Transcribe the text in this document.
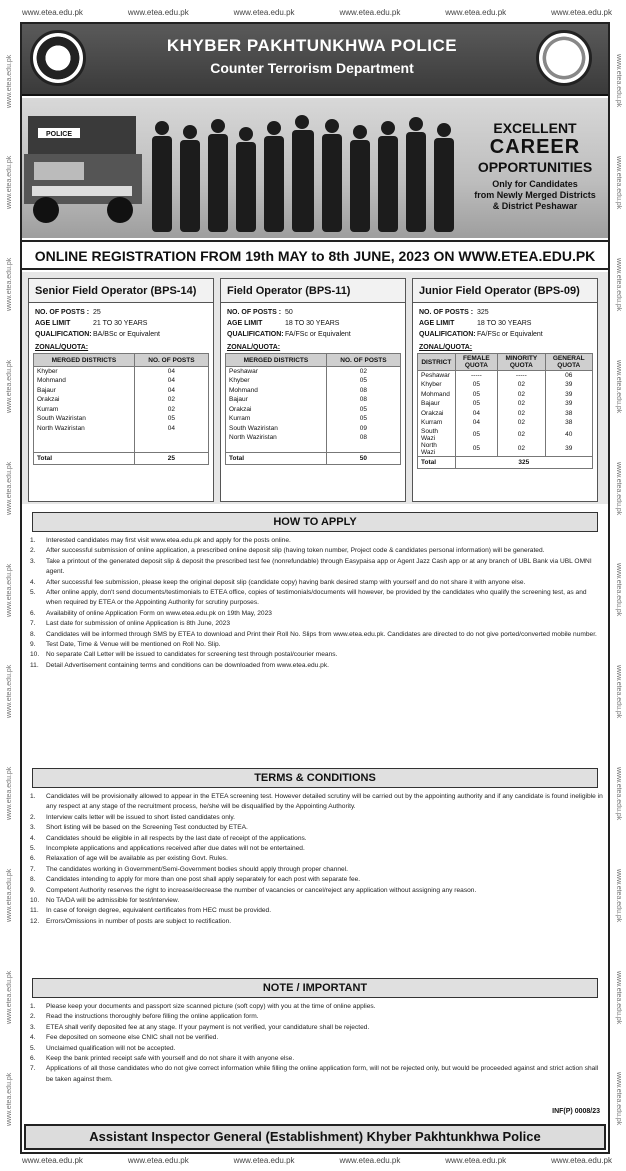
www.etea.edu.pk	www.etea.edu.pk	www.etea.edu.pk	www.etea.edu.pk	www.etea.edu.pk	www.etea.edu.pk
www.etea.edu.pk
www.etea.edu.pk
www.etea.edu.pk
www.etea.edu.pk
www.etea.edu.pk
www.etea.edu.pk
www.etea.edu.pk
www.etea.edu.pk
www.etea.edu.pk
www.etea.edu.pk
www.etea.edu.pk	www.etea.edu.pk
www.etea.edu.pk
www.etea.edu.pk
www.etea.edu.pk
www.etea.edu.pk
www.etea.edu.pk
www.etea.edu.pk
www.etea.edu.pk
www.etea.edu.pk
www.etea.edu.pk
www.etea.edu.pk
www.etea.edu.pk	www.etea.edu.pk	www.etea.edu.pk	www.etea.edu.pk	www.etea.edu.pk	www.etea.edu.pk
KHYBER PAKHTUNKHWA POLICE
Counter Terrorism Department
POLICE	EXCELLENT
CAREER
OPPORTUNITIES
Only for Candidates
from Newly Merged Districts
& District Peshawar
ONLINE REGISTRATION FROM 19th MAY to 8th JUNE, 2023 ON WWW.ETEA.EDU.PK
Senior Field Operator (BPS-14)
NO. OF POSTS : 25
AGE LIMIT	21 TO 30 YEARS
QUALIFICATION: BA/BSc or Equivalent
ZONAL/QUOTA:
MERGED DISTRICTS	NO. OF POSTS
Khyber	04
Mohmand	04
Bajaur	04
Orakzai	02
Kurram	02
South Waziristan	05
North Waziristan	04

Total	25
Field Operator (BPS-11)
NO. OF POSTS : 50
AGE LIMIT	18 TO 30 YEARS
QUALIFICATION: FA/FSc or Equivalent
ZONAL/QUOTA:
MERGED DISTRICTS	NO. OF POSTS
Peshawar	02
Khyber	05
Mohmand	08
Bajaur	08
Orakzai	05
Kurram	05
South Waziristan	09
North Waziristan	08

Total	50
Junior Field Operator (BPS-09)
NO. OF POSTS : 325
AGE LIMIT	18 TO 30 YEARS
QUALIFICATION: FA/FSc or Equivalent
ZONAL/QUOTA:
DISTRICT	FEMALE QUOTA	MINORITY QUOTA	GENERAL QUOTA
Peshawar	-----	-----	06
Khyber	05	02	39
Mohmand	05	02	39
Bajaur	05	02	39
Orakzai	04	02	38
Kurram	04	02	38
South Wazi	05	02	40
North Wazi	05	02	39
Total	325		
HOW TO APPLY
1.	Interested candidates may first visit www.etea.edu.pk and apply for the posts online.
2.	After successful submission of online application, a prescribed online deposit slip (having token number, Project code & candidates personal information) will be generated.
3.	Take a printout of the generated deposit slip & deposit the prescribed test fee (nonrefundable) through Easypaisa app or Agent Jazz Cash app or at any branch of UBL Bank via UBL OMNI agent.
4.	After successful fee submission, please keep the original deposit slip (candidate copy) having bank desired stamp with yourself and do not share it with anyone else.
5.	After online apply, don't send documents/testimonials to ETEA office, copies of testimonials/documents will however, be provided by the candidates who qualify the screening test, as and when required by ETEA or the Appointing Authority for scrutiny purposes.
6.	Availability of online Application Form on www.etea.edu.pk on 19th May, 2023
7.	Last date for submission of online Application is 8th June, 2023
8.	Candidates will be informed through SMS by ETEA to download and Print their Roll No. Slips from www.etea.edu.pk. Candidates are directed to do not give ported/converted mobile number.
9.	Test Date, Time & Venue will be mentioned on Roll No. Slip.
10.	No separate Call Letter will be issued to candidates for screening test through postal/courier means.
11.	Detail Advertisement containing terms and conditions can be downloaded from www.etea.edu.pk.
TERMS & CONDITIONS
1.	Candidates will be provisionally allowed to appear in the ETEA screening test. However detailed scrutiny will be carried out by the appointing authority and if any candidate is found ineligible in any respect at any stage of the recruitment process, he/she will be disqualified by the Appointing Authority.
2.	Interview calls letter will be issued to short listed candidates only.
3.	Short listing will be based on the Screening Test conducted by ETEA.
4.	Candidates should be eligible in all respects by the last date of receipt of the applications.
5.	Incomplete applications and applications received after due dates will not be entertained.
6.	Relaxation of age will be available as per existing Govt. Rules.
7.	The candidates working in Government/Semi-Government bodies should apply through proper channel.
8.	Candidates intending to apply for more than one post shall apply separately for each post with separate fee.
9.	Competent Authority reserves the right to increase/decrease the number of vacancies or cancel/reject any application without assigning any reason.
10.	No TA/DA will be admissible for test/interview.
11.	In case of foreign degree, equivalent certificates from HEC must be provided.
12.	Errors/Omissions in number of posts are subject to rectification.
NOTE / IMPORTANT
1.	Please keep your documents and passport size scanned picture (soft copy) with you at the time of online applies.
2.	Read the instructions thoroughly before filling the online application form.
3.	ETEA shall verify deposited fee at any stage. If your payment is not verified, your candidature shall be rejected.
4.	Fee deposited on someone else CNIC shall not be verified.
5.	Unclaimed qualification will not be accepted.
6.	Keep the bank printed receipt safe with yourself and do not share it with anyone else.
7.	Applications of all those candidates who do not give correct information while filling the online application form, will not be rejected only, but would be proceeded against and strict action shall be taken against them.
INF(P) 0008/23
Assistant Inspector General (Establishment) Khyber Pakhtunkhwa Police
